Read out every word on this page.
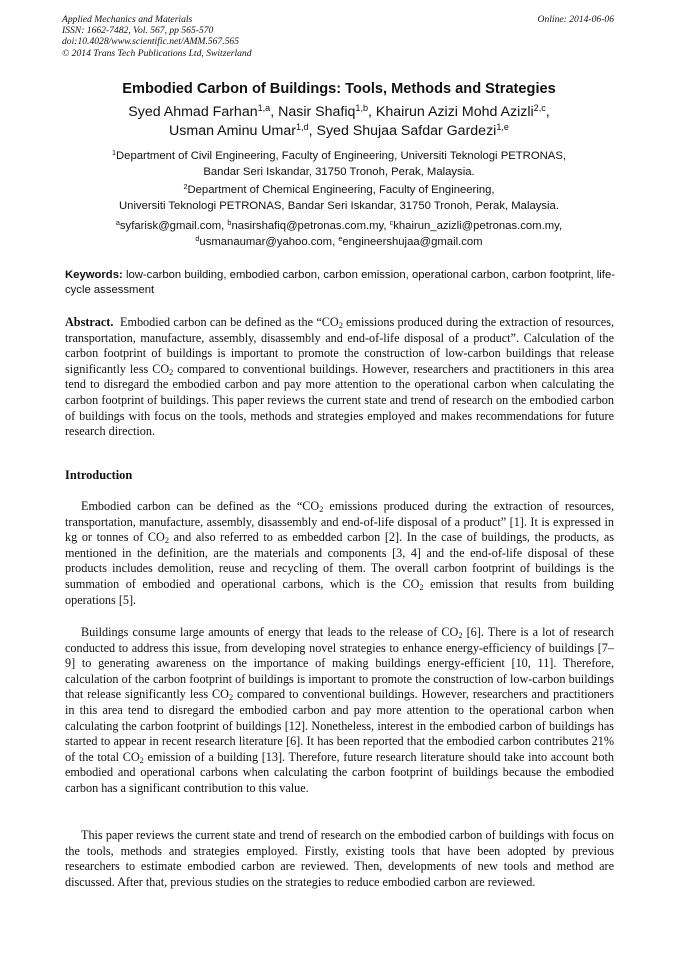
Applied Mechanics and Materials
ISSN: 1662-7482, Vol. 567, pp 565-570
doi:10.4028/www.scientific.net/AMM.567.565
© 2014 Trans Tech Publications Ltd, Switzerland
Online: 2014-06-06
Embodied Carbon of Buildings: Tools, Methods and Strategies
Syed Ahmad Farhan$^{1,a}$, Nasir Shafiq$^{1,b}$, Khairun Azizi Mohd Azizli$^{2,c}$,
Usman Aminu Umar$^{1,d}$, Syed Shujaa Safdar Gardezi$^{1,e}$
$^1$Department of Civil Engineering, Faculty of Engineering, Universiti Teknologi PETRONAS,
Bandar Seri Iskandar, 31750 Tronoh, Perak, Malaysia.
$^2$Department of Chemical Engineering, Faculty of Engineering,
Universiti Teknologi PETRONAS, Bandar Seri Iskandar, 31750 Tronoh, Perak, Malaysia.
$^a$syfarisk@gmail.com, $^b$nasirshafiq@petronas.com.my, $^c$khairun_azizli@petronas.com.my,
$^d$usmanaumar@yahoo.com, $^e$engineershujaa@gmail.com
Keywords: low-carbon building, embodied carbon, carbon emission, operational carbon, carbon footprint, life-cycle assessment
Abstract. Embodied carbon can be defined as the “$CO_2$ emissions produced during the extraction of resources, transportation, manufacture, assembly, disassembly and end-of-life disposal of a product”. Calculation of the carbon footprint of buildings is important to promote the construction of low-carbon buildings that release significantly less $CO_2$ compared to conventional buildings. However, researchers and practitioners in this area tend to disregard the embodied carbon and pay more attention to the operational carbon when calculating the carbon footprint of buildings. This paper reviews the current state and trend of research on the embodied carbon of buildings with focus on the tools, methods and strategies employed and makes recommendations for future research direction.
Introduction
Embodied carbon can be defined as the “$CO_2$ emissions produced during the extraction of resources, transportation, manufacture, assembly, disassembly and end-of-life disposal of a product” [1]. It is expressed in kg or tonnes of $CO_2$ and also referred to as embedded carbon [2]. In the case of buildings, the products, as mentioned in the definition, are the materials and components [3, 4] and the end-of-life disposal of these products includes demolition, reuse and recycling of them. The overall carbon footprint of buildings is the summation of embodied and operational carbons, which is the $CO_2$ emission that results from building operations [5].
Buildings consume large amounts of energy that leads to the release of $CO_2$ [6]. There is a lot of research conducted to address this issue, from developing novel strategies to enhance energy-efficiency of buildings [7–9] to generating awareness on the importance of making buildings energy-efficient [10, 11]. Therefore, calculation of the carbon footprint of buildings is important to promote the construction of low-carbon buildings that release significantly less $CO_2$ compared to conventional buildings. However, researchers and practitioners in this area tend to disregard the embodied carbon and pay more attention to the operational carbon when calculating the carbon footprint of buildings [12]. Nonetheless, interest in the embodied carbon of buildings has started to appear in recent research literature [6]. It has been reported that the embodied carbon contributes 21% of the total $CO_2$ emission of a building [13]. Therefore, future research literature should take into account both embodied and operational carbons when calculating the carbon footprint of buildings because the embodied carbon has a significant contribution to this value.
This paper reviews the current state and trend of research on the embodied carbon of buildings with focus on the tools, methods and strategies employed. Firstly, existing tools that have been adopted by previous researchers to estimate embodied carbon are reviewed. Then, developments of new tools and method are discussed. After that, previous studies on the strategies to reduce embodied carbon are reviewed.
